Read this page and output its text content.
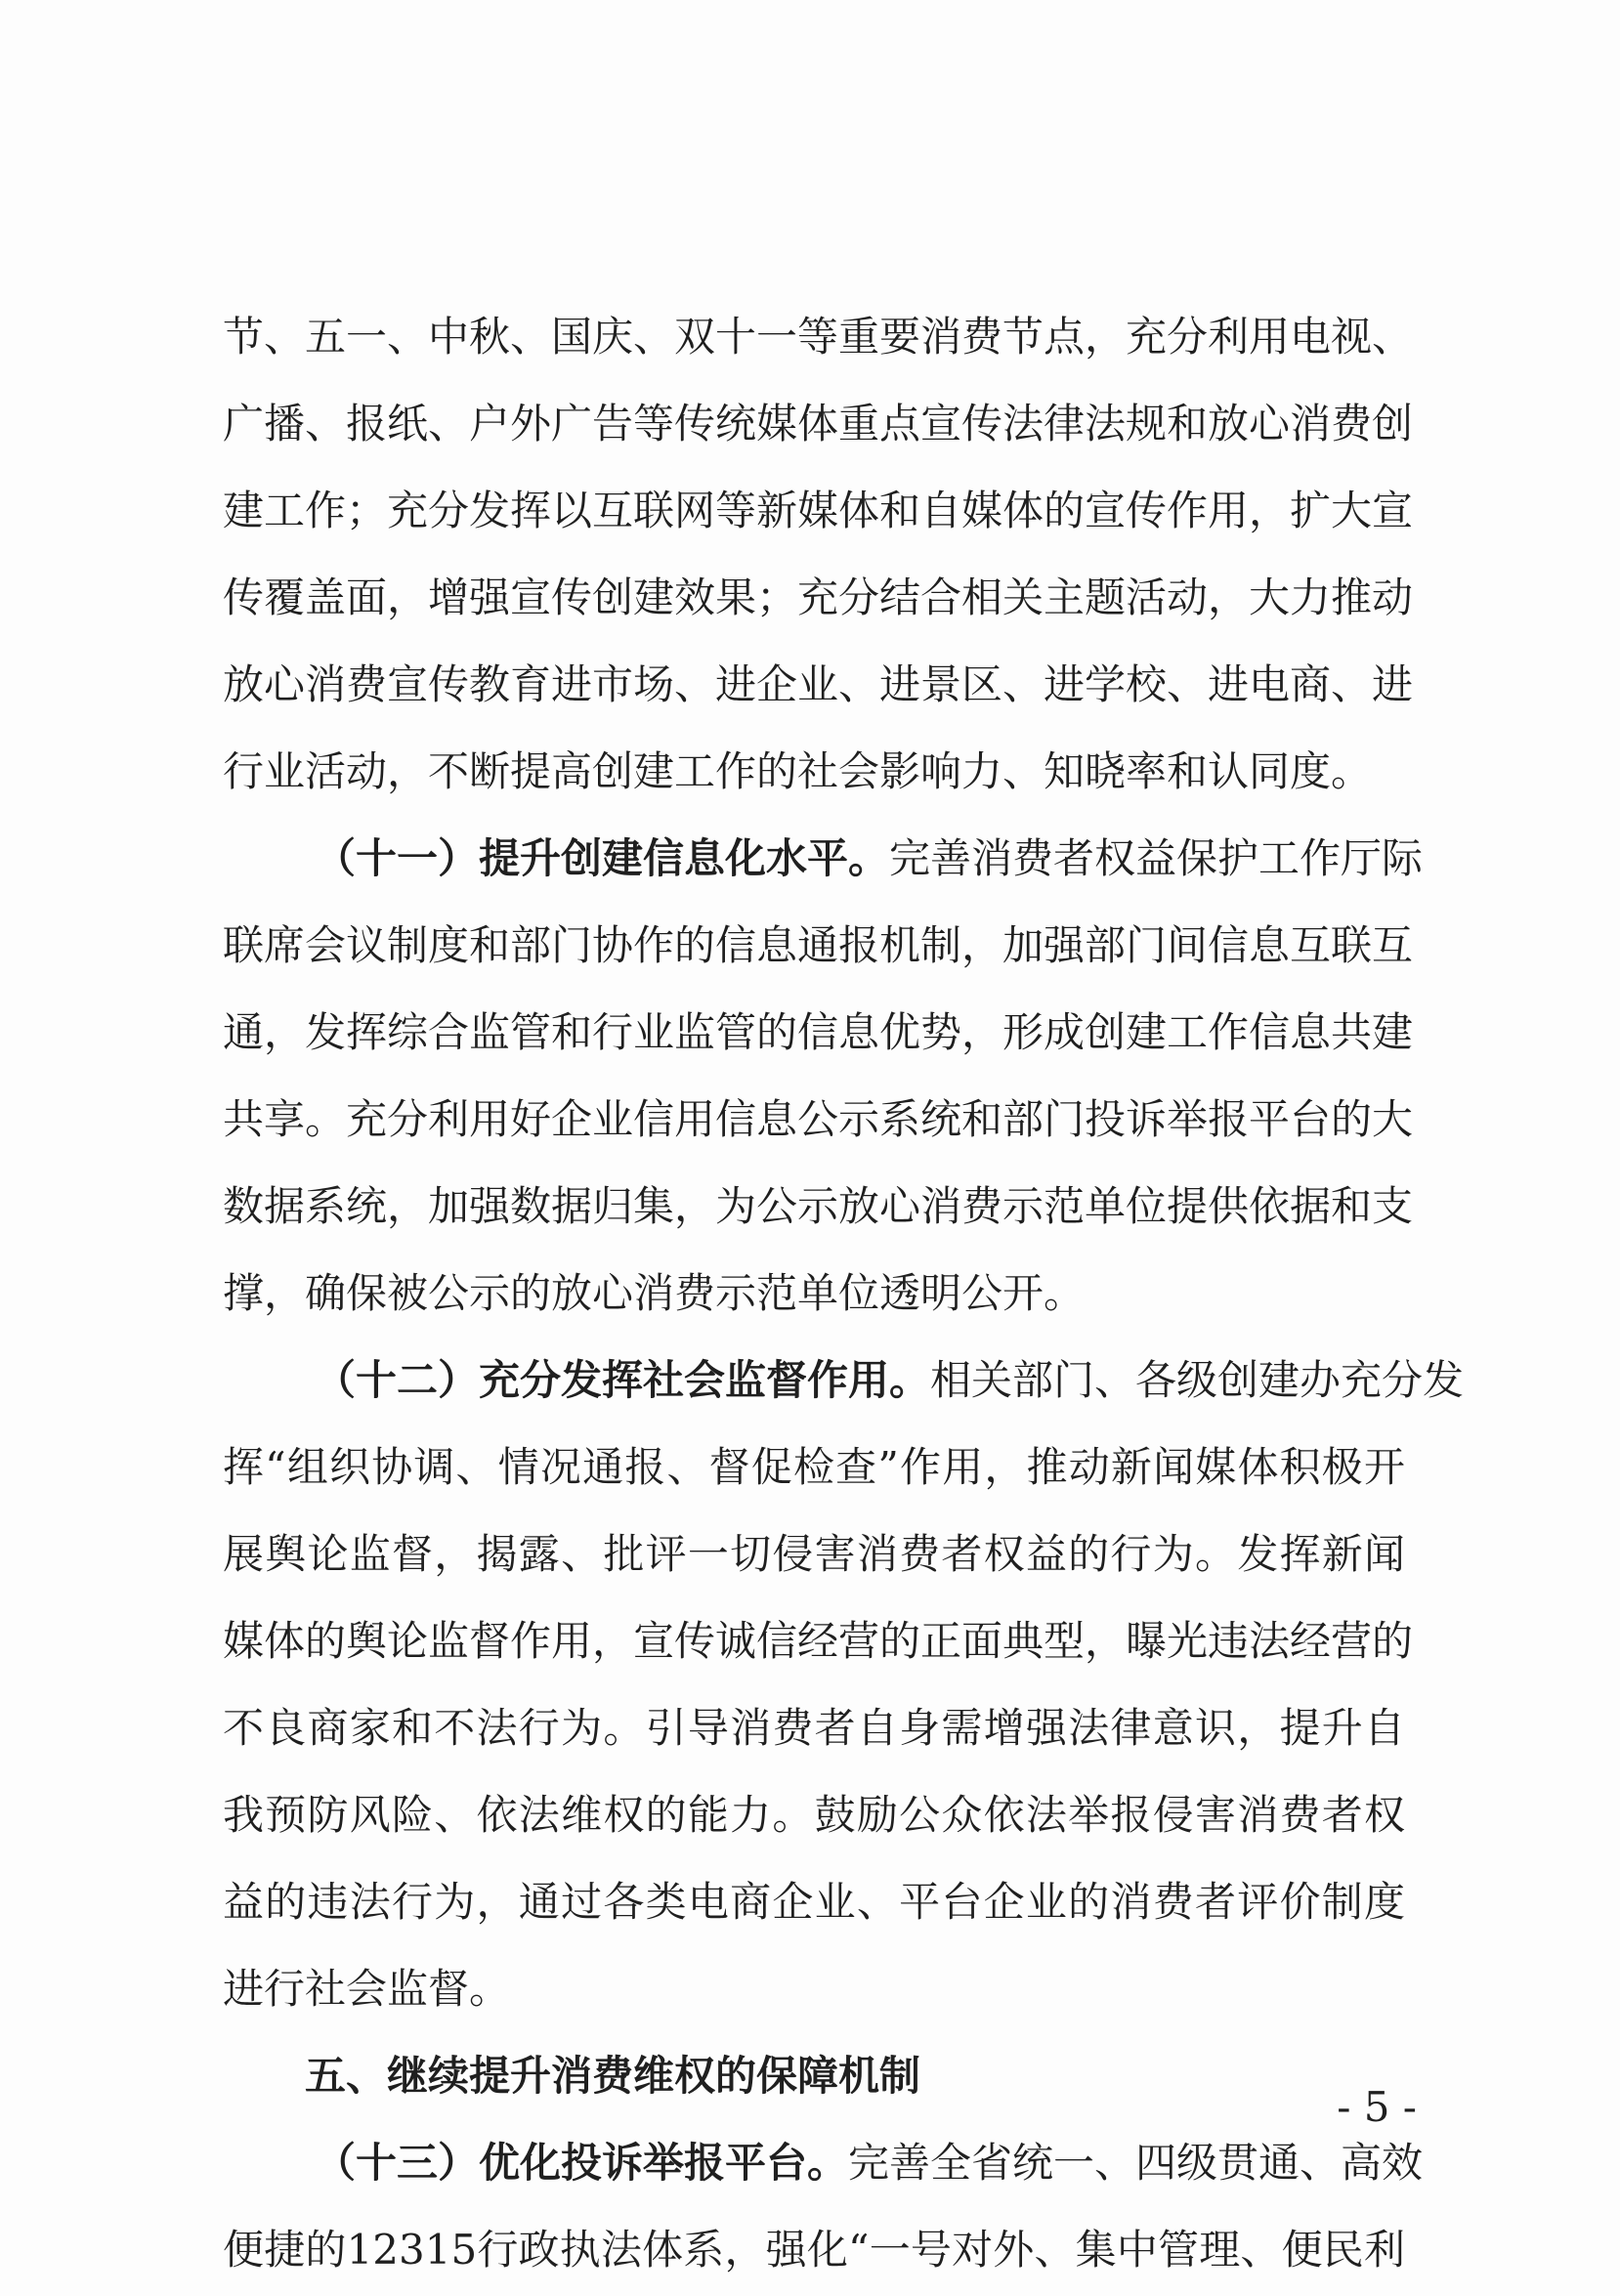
节、五一、中秋、国庆、双十一等重要消费节点，充分利用电视、
广播、报纸、户外广告等传统媒体重点宣传法律法规和放心消费创
建工作；充分发挥以互联网等新媒体和自媒体的宣传作用，扩大宣
传覆盖面，增强宣传创建效果；充分结合相关主题活动，大力推动
放心消费宣传教育进市场、进企业、进景区、进学校、进电商、进
行业活动，不断提高创建工作的社会影响力、知晓率和认同度。
（十一）提升创建信息化水平。完善消费者权益保护工作厅际
联席会议制度和部门协作的信息通报机制，加强部门间信息互联互
通，发挥综合监管和行业监管的信息优势，形成创建工作信息共建
共享。充分利用好企业信用信息公示系统和部门投诉举报平台的大
数据系统，加强数据归集，为公示放心消费示范单位提供依据和支
撑，确保被公示的放心消费示范单位透明公开。
（十二）充分发挥社会监督作用。相关部门、各级创建办充分发
挥“组织协调、情况通报、督促检查”作用，推动新闻媒体积极开
展舆论监督，揭露、批评一切侵害消费者权益的行为。发挥新闻
媒体的舆论监督作用，宣传诚信经营的正面典型，曝光违法经营的
不良商家和不法行为。引导消费者自身需增强法律意识，提升自
我预防风险、依法维权的能力。鼓励公众依法举报侵害消费者权
益的违法行为，通过各类电商企业、平台企业的消费者评价制度
进行社会监督。
五、继续提升消费维权的保障机制
（十三）优化投诉举报平台。完善全省统一、四级贯通、高效
便捷的12315行政执法体系，强化“一号对外、集中管理、便民利
- 5 -
